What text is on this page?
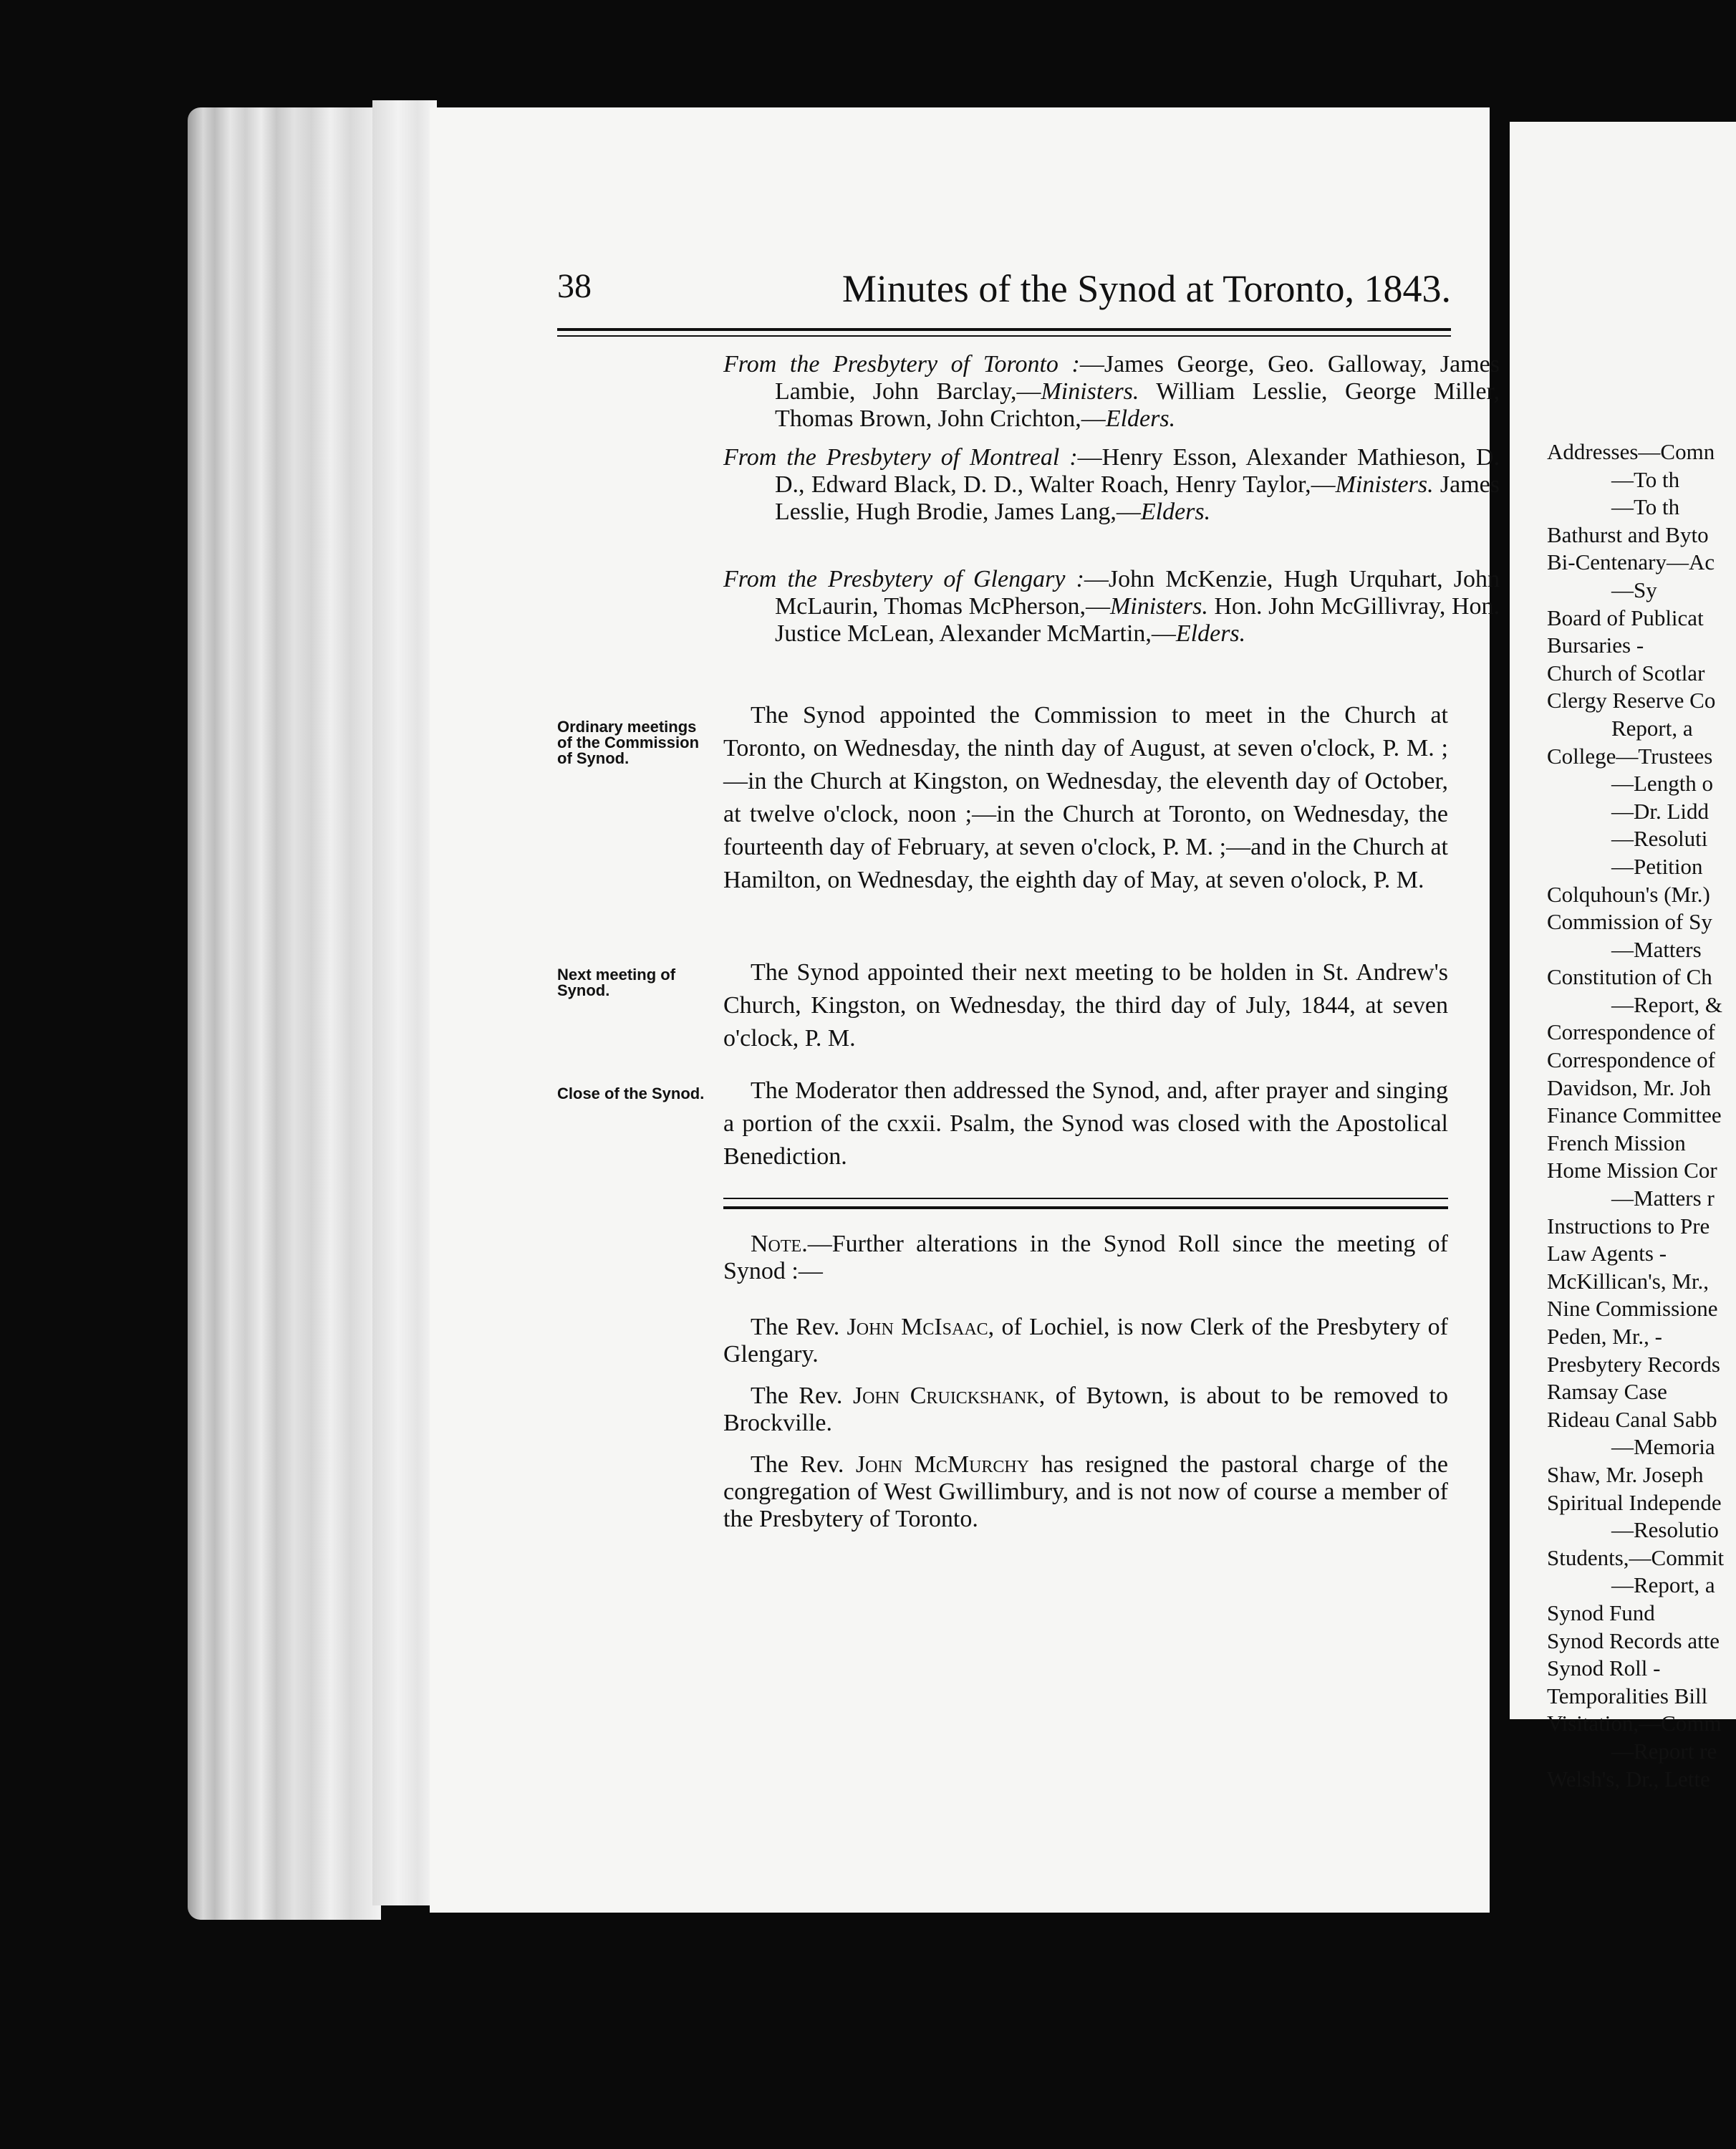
38	Minutes of the Synod at Toronto, 1843.

From the Presbytery of Toronto :—James George, Geo. Galloway, James Lambie, John Barclay,—Ministers. William Lesslie, George Miller, Thomas Brown, John Crichton,—Elders.

From the Presbytery of Montreal :—Henry Esson, Alexander Mathieson, D. D., Edward Black, D. D., Walter Roach, Henry Taylor,—Ministers. James Lesslie, Hugh Brodie, James Lang,—Elders.

From the Presbytery of Glengary :—John McKenzie, Hugh Urquhart, John McLaurin, Thomas McPherson,—Ministers. Hon. John McGillivray, Hon. Justice McLean, Alexander McMartin,—Elders.

Ordinary meetings of the Commission of Synod.

The Synod appointed the Commission to meet in the Church at Toronto, on Wednesday, the ninth day of August, at seven o'clock, P. M. ;—in the Church at Kingston, on Wednesday, the eleventh day of October, at twelve o'clock, noon ;—in the Church at Toronto, on Wednesday, the fourteenth day of February, at seven o'clock, P. M. ;—and in the Church at Hamilton, on Wednesday, the eighth day of May, at seven o'olock, P. M.

Next meeting of Synod.

The Synod appointed their next meeting to be holden in St. Andrew's Church, Kingston, on Wednesday, the third day of July, 1844, at seven o'clock, P. M.

Close of the Synod.	The Moderator then addressed the Synod, and, after prayer and singing a portion of the cxxii. Psalm, the Synod was closed with the Apostolical Benediction.

Note.—Further alterations in the Synod Roll since the meeting of Synod :—

The Rev. John McIsaac, of Lochiel, is now Clerk of the Presbytery of Glengary.

The Rev. John Cruickshank, of Bytown, is about to be removed to Brockville.

The Rev. John McMurchy has resigned the pastoral charge of the congregation of West Gwillimbury, and is not now of course a member of the Presbytery of Toronto.

Addresses—Comn
—To th
—To th
Bathurst and Byto
Bi-Centenary—Ac
—Sy
Board of Publicat
Bursaries -
Church of Scotlar
Clergy Reserve Co
Report, a
College—Trustees
—Length o
—Dr. Lidd
—Resoluti
—Petition
Colquhoun's (Mr.)
Commission of Sy
—Matters
Constitution of Ch
—Report, &
Correspondence of
Correspondence of
Davidson, Mr. Joh
Finance Committee
French Mission
Home Mission Cor
—Matters r
Instructions to Pre
Law Agents -
McKillican's, Mr.,
Nine Commissione
Peden, Mr., -
Presbytery Records
Ramsay Case
Rideau Canal Sabb
—Memoria
Shaw, Mr. Joseph
Spiritual Independe
—Resolutio
Students,—Commit
—Report, a
Synod Fund
Synod Records atte
Synod Roll -
Temporalities Bill
Visitation,—Comm
—Report re
Welsh's, Dr., Lette
